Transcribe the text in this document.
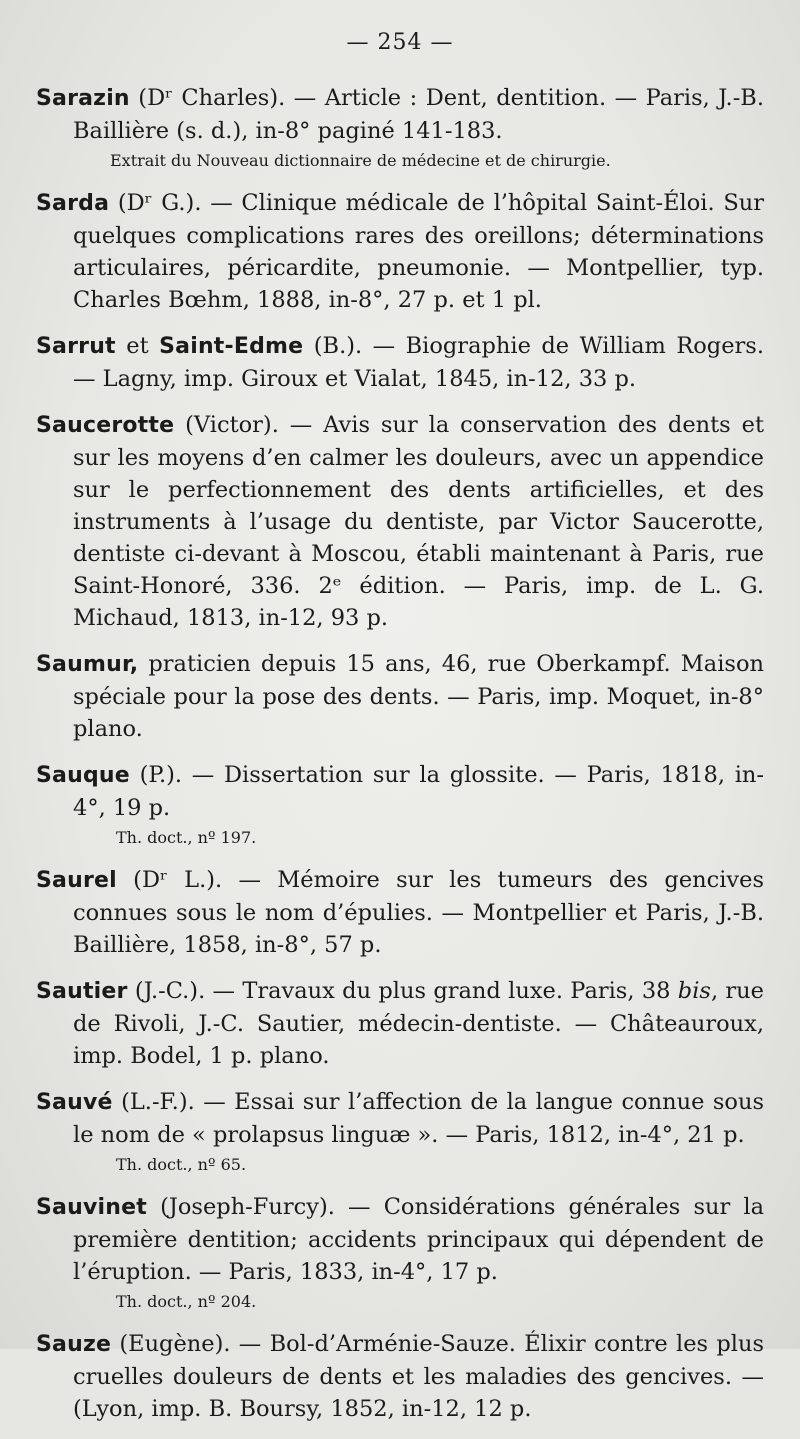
— 254 —

Sarazin (Dʳ Charles). — Article : Dent, dentition. — Paris, J.-B. Baillière (s. d.), in-8° paginé 141-183.

Extrait du Nouveau dictionnaire de médecine et de chirurgie.

Sarda (Dʳ G.). — Clinique médicale de l’hôpital Saint-Éloi. Sur quelques complications rares des oreillons; déterminations articulaires, péricardite, pneumonie. — Montpellier, typ. Charles Bœhm, 1888, in-8°, 27 p. et 1 pl.

Sarrut et Saint-Edme (B.). — Biographie de William Rogers. — Lagny, imp. Giroux et Vialat, 1845, in-12, 33 p.

Saucerotte (Victor). — Avis sur la conservation des dents et sur les moyens d’en calmer les douleurs, avec un appendice sur le perfectionnement des dents artificielles, et des instruments à l’usage du dentiste, par Victor Saucerotte, dentiste ci-devant à Moscou, établi maintenant à Paris, rue Saint-Honoré, 336. 2ᵉ édition. — Paris, imp. de L. G. Michaud, 1813, in-12, 93 p.

Saumur, praticien depuis 15 ans, 46, rue Oberkampf. Maison spéciale pour la pose des dents. — Paris, imp. Moquet, in-8° plano.

Sauque (P.). — Dissertation sur la glossite. — Paris, 1818, in-4°, 19 p.

Th. doct., nº 197.

Saurel (Dʳ L.). — Mémoire sur les tumeurs des gencives connues sous le nom d’épulies. — Montpellier et Paris, J.-B. Baillière, 1858, in-8°, 57 p.

Sautier (J.-C.). — Travaux du plus grand luxe. Paris, 38 bis, rue de Rivoli, J.-C. Sautier, médecin-dentiste. — Châteauroux, imp. Bodel, 1 p. plano.

Sauvé (L.-F.). — Essai sur l’affection de la langue connue sous le nom de « prolapsus linguæ ». — Paris, 1812, in-4°, 21 p.

Th. doct., nº 65.

Sauvinet (Joseph-Furcy). — Considérations générales sur la première dentition; accidents principaux qui dépendent de l’éruption. — Paris, 1833, in-4°, 17 p.

Th. doct., nº 204.

Sauze (Eugène). — Bol-d’Arménie-Sauze. Élixir contre les plus cruelles douleurs de dents et les maladies des gencives. — (Lyon, imp. B. Boursy, 1852, in-12, 12 p.
